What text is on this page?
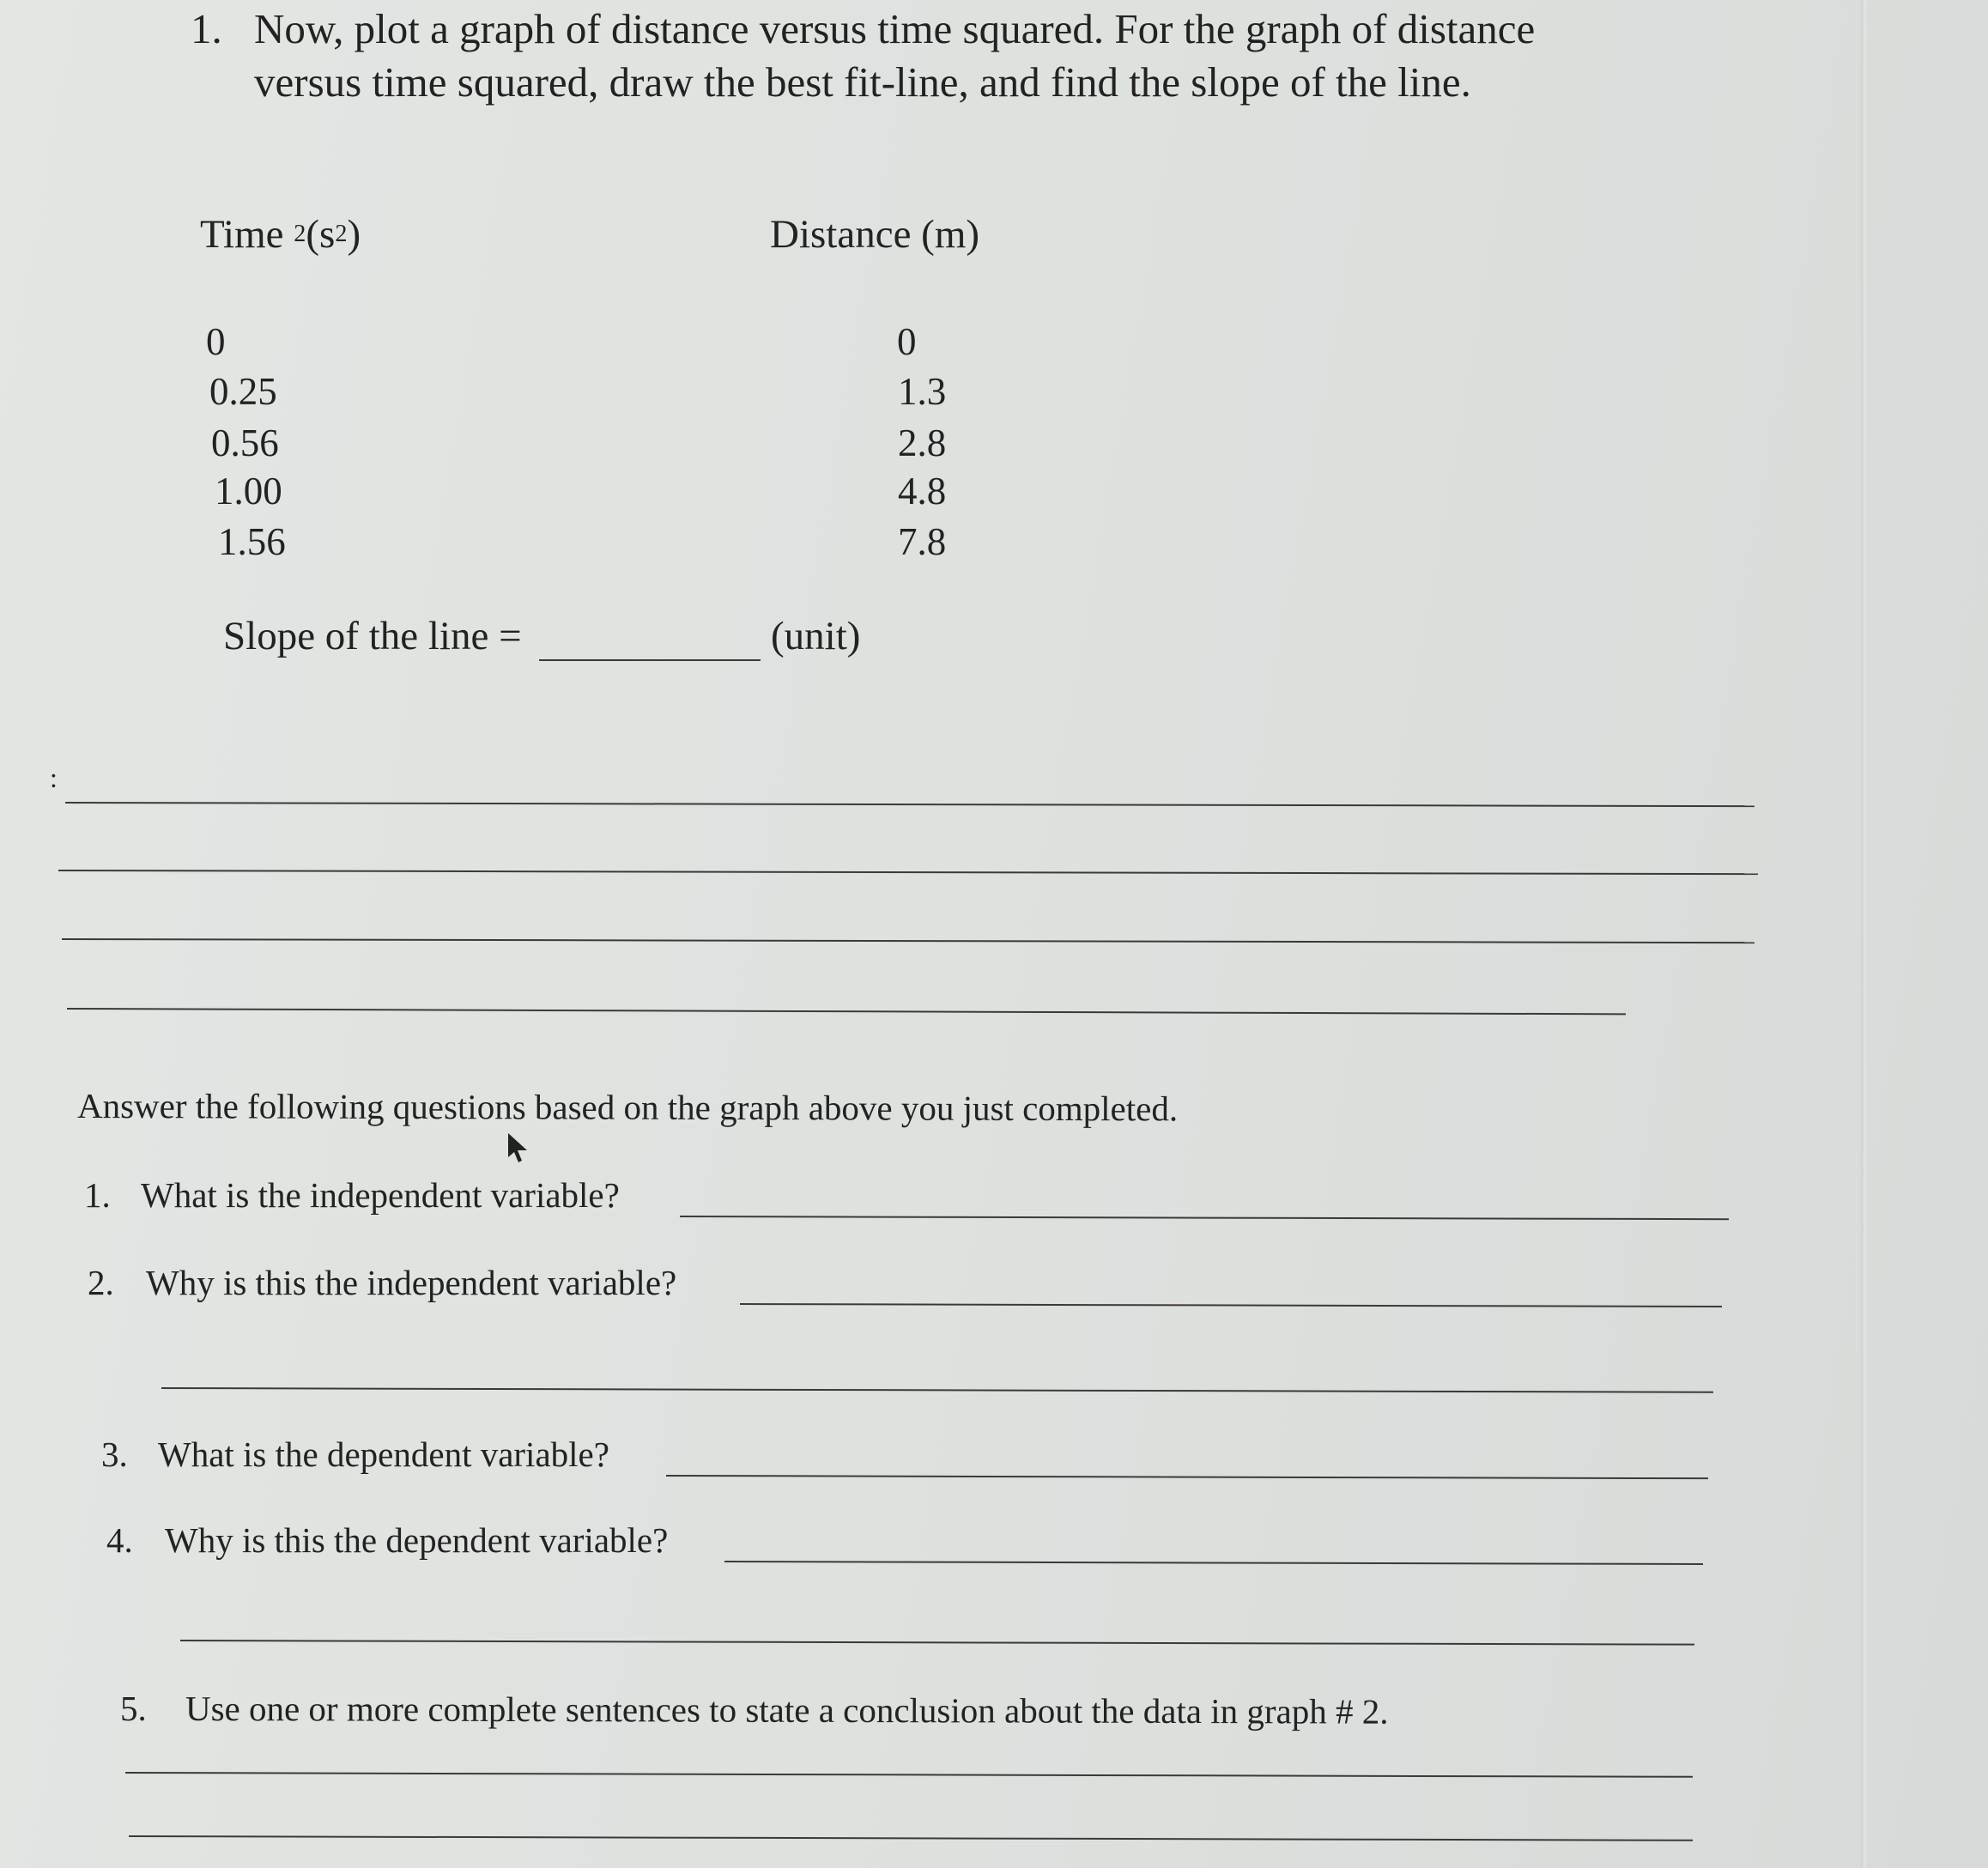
1. Now, plot a graph of distance versus time squared. For the graph of distance
versus time squared, draw the best fit-line, and find the slope of the line.
Time $^2(s^2)$	Distance (m)
0
0.25
0.56
1.00
1.56
0
1.3
2.8
4.8
7.8
Slope of the line =	(unit)
:
Answer the following questions based on the graph above you just completed.
1. What is the independent variable?
2. Why is this the independent variable?
3. What is the dependent variable?
4. Why is this the dependent variable?
5. Use one or more complete sentences to state a conclusion about the data in graph # 2.
